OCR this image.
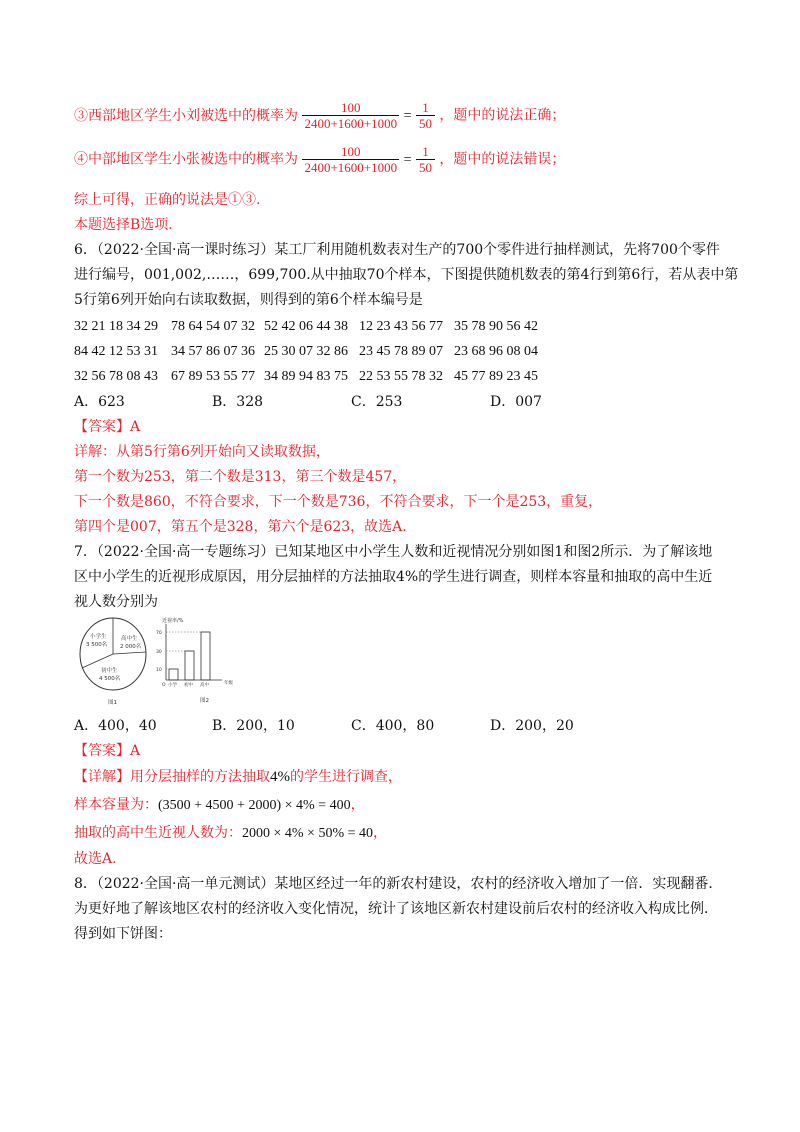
③西部地区学生小刘被选中的概率为 $\frac{100}{2400+1600+1000} = \frac{1}{50}$ ，题中的说法正确；
④中部地区学生小张被选中的概率为 $\frac{100}{2400+1600+1000} = \frac{1}{50}$ ，题中的说法错误；
综上可得，正确的说法是①③.
本题选择B选项.
6．（2022·全国·高一课时练习）某工厂利用随机数表对生产的700个零件进行抽样测试，先将700个零件
进行编号，001,002,……，699,700.从中抽取70个样本，下图提供随机数表的第4行到第6行，若从表中第
5行第6列开始向右读取数据，则得到的第6个样本编号是
32 21 18 34 29 78 64 54 07 32 52 42 06 44 38 12 23 43 56 77 35 78 90 56 42
84 42 12 53 31 34 57 86 07 36 25 30 07 32 86 23 45 78 89 07 23 68 96 08 04
32 56 78 08 43 67 89 53 55 77 34 89 94 83 75 22 53 55 78 32 45 77 89 23 45
A．623	B．328	C．253	D．007
【答案】A
详解：从第5行第6列开始向又读取数据，
第一个数为253，第二个数是313，第三个数是457，
下一个数是860，不符合要求，下一个数是736，不符合要求，下一个是253，重复，
第四个是007，第五个是328，第六个是623，故选A.
7．（2022·全国·高一专题练习）已知某地区中小学生人数和近视情况分别如图1和图2所示．为了解该地
区中小学生的近视形成原因，用分层抽样的方法抽取4%的学生进行调查，则样本容量和抽取的高中生近
视人数分别为
小学生
3 500名
高中生
2 000名
初中生
4 500名
图1
近视率/%
70
30
10
O 小学 初中 高中	年级
图2
A．400，40	B．200，10	C．400，80	D．200，20
【答案】A
【详解】用分层抽样的方法抽取4%的学生进行调查，
样本容量为：(3500 + 4500 + 2000) × 4% = 400，
抽取的高中生近视人数为：2000 × 4% × 50% = 40，
故选A.
8．（2022·全国·高一单元测试）某地区经过一年的新农村建设，农村的经济收入增加了一倍．实现翻番．
为更好地了解该地区农村的经济收入变化情况，统计了该地区新农村建设前后农村的经济收入构成比例．
得到如下饼图：
